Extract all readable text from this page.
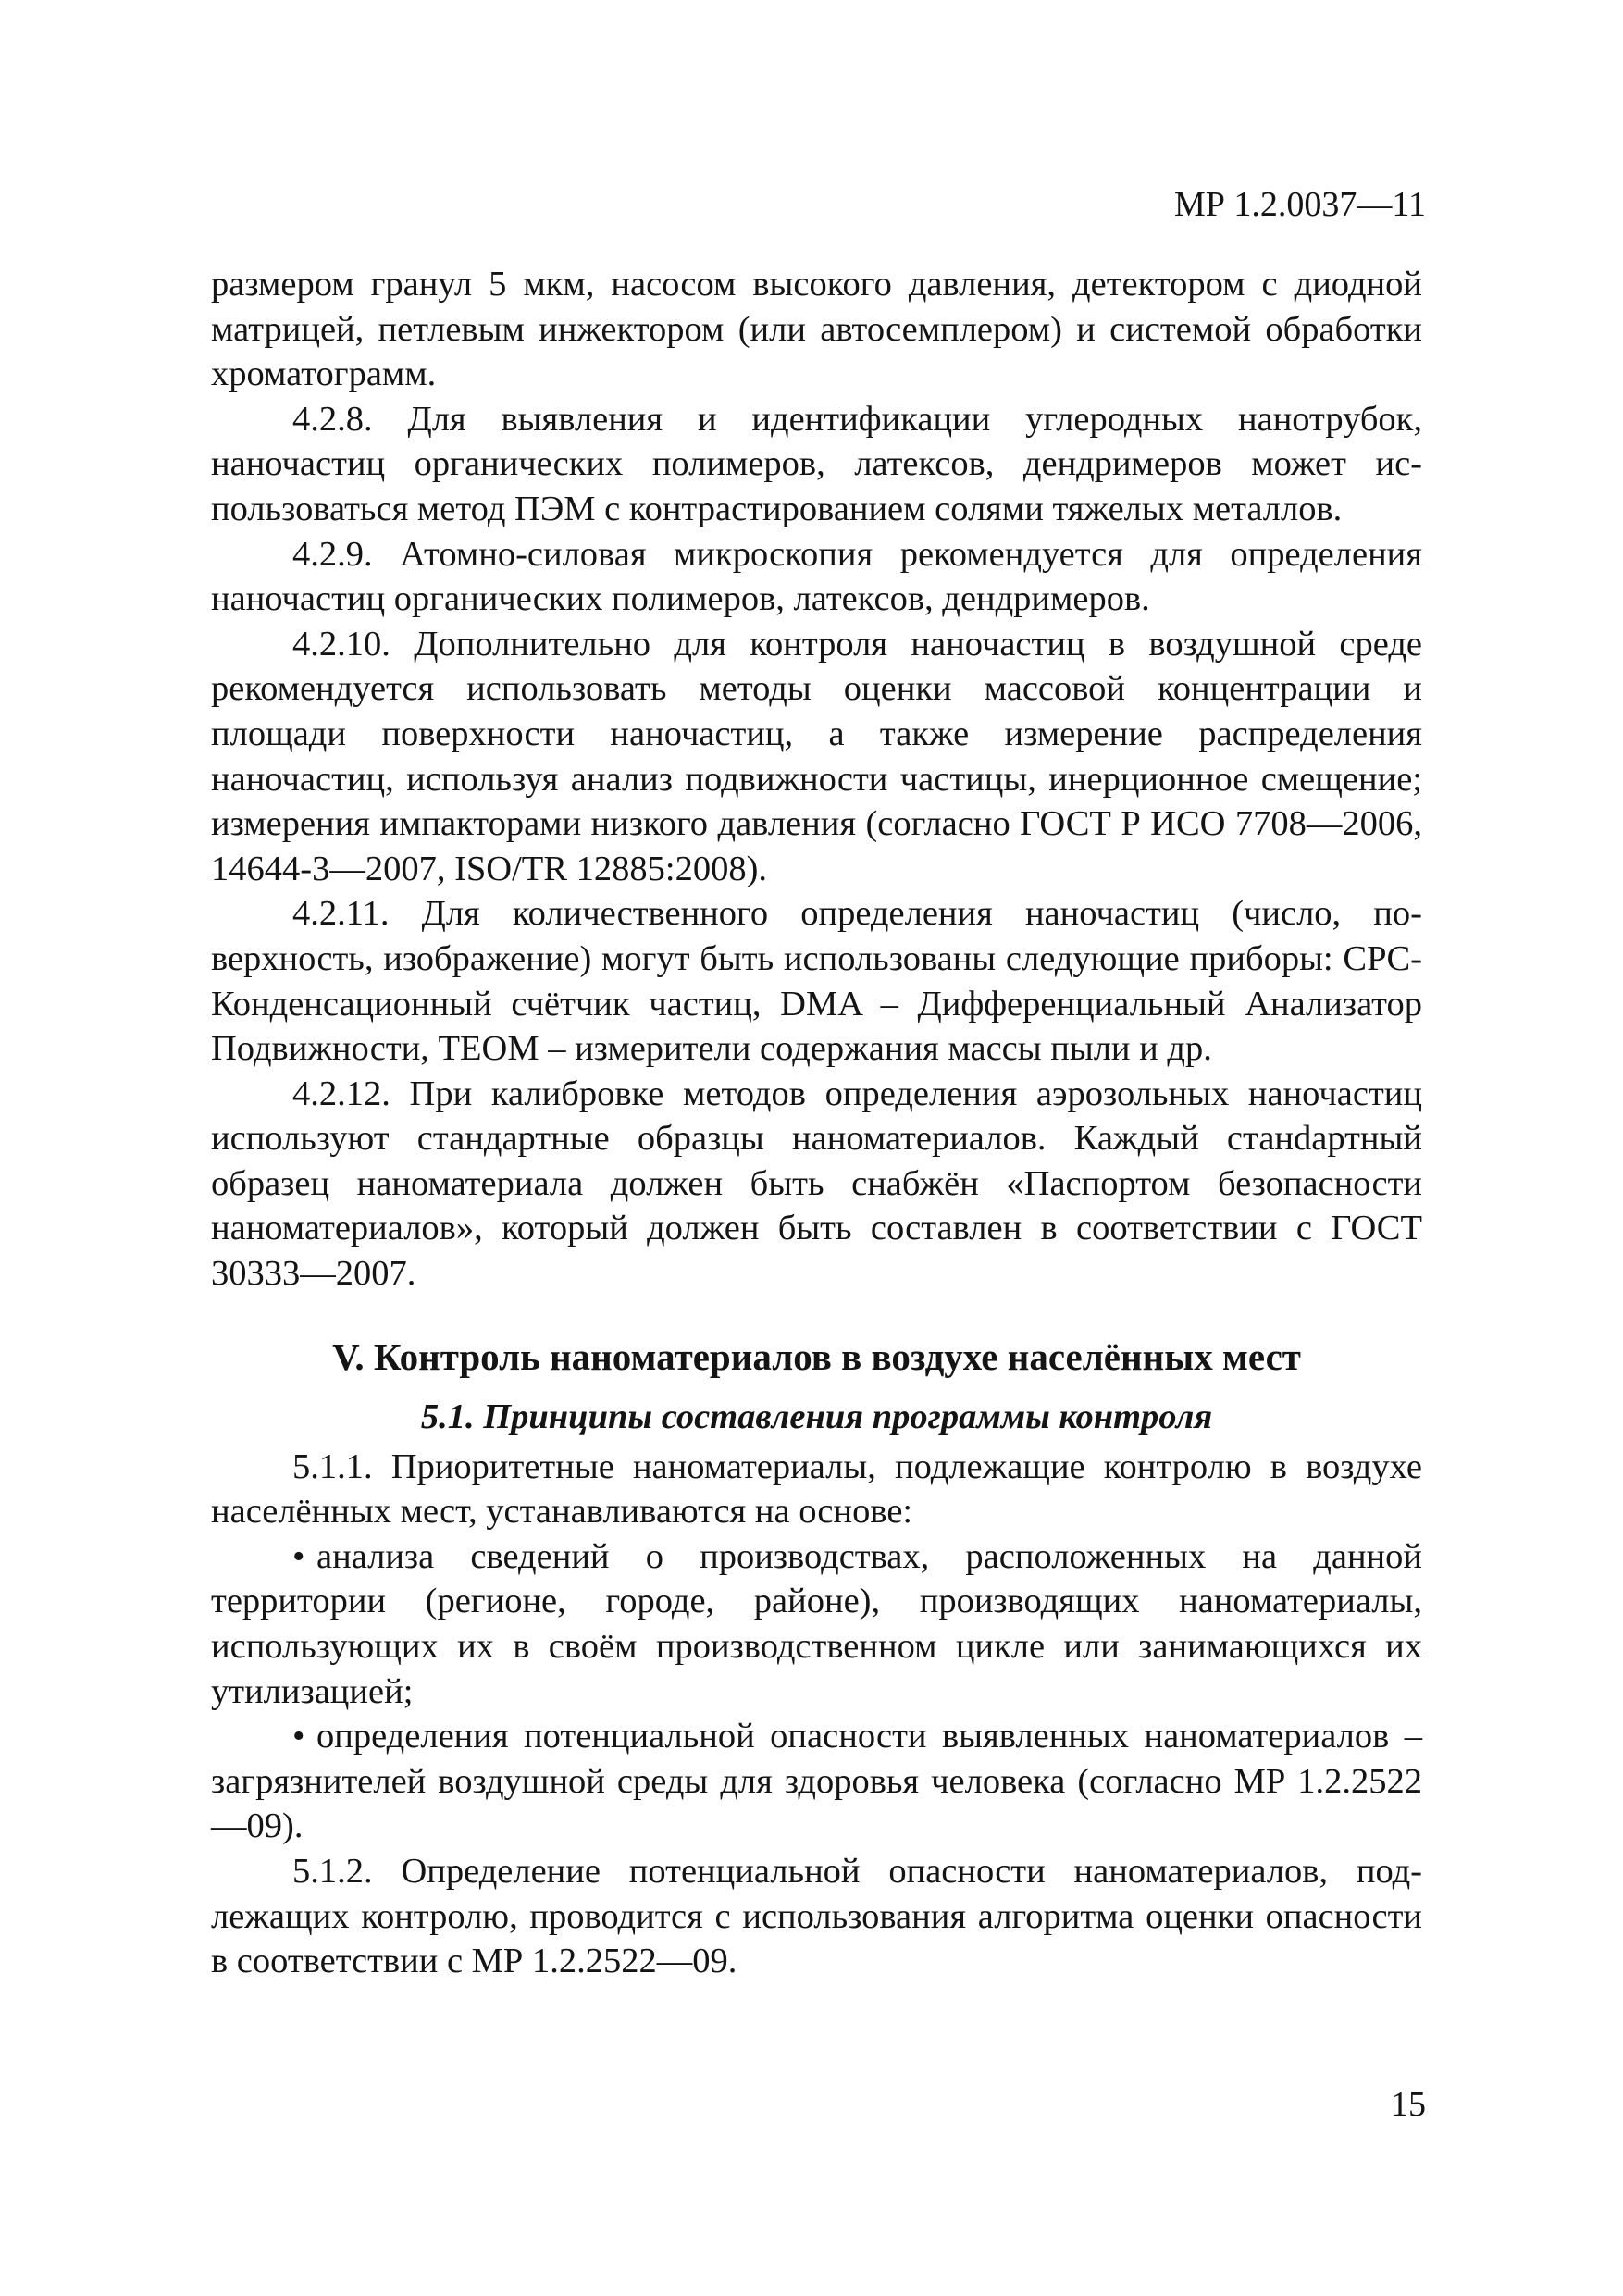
МР 1.2.0037—11

размером гранул 5 мкм, насосом высокого давления, детектором с диодной матрицей, петлевым инжектором (или автосемплером) и системой обработки хроматограмм.

4.2.8. Для выявления и идентификации углеродных нанотрубок, наночастиц органических полимеров, латексов, дендримеров может использоваться метод ПЭМ с контрастированием солями тяжелых металлов.

4.2.9. Атомно-силовая микроскопия рекомендуется для определения наночастиц органических полимеров, латексов, дендримеров.

4.2.10. Дополнительно для контроля наночастиц в воздушной среде рекомендуется использовать методы оценки массовой концентрации и площади поверхности наночастиц, а также измерение распределения наночастиц, используя анализ подвижности частицы, инерционное смещение; измерения импакторами низкого давления (согласно ГОСТ Р ИСО 7708—2006, 14644-3—2007, ISO/TR 12885:2008).

4.2.11. Для количественного определения наночастиц (число, поверхность, изображение) могут быть использованы следующие приборы: CPC-Конденсационный счётчик частиц, DMA – Дифференциальный Анализатор Подвижности, TEOM – измерители содержания массы пыли и др.

4.2.12. При калибровке методов определения аэрозольных наночастиц используют стандартные образцы наноматериалов. Каждый станdартный образец наноматериала должен быть снабжён «Паспортом безопасности наноматериалов», который должен быть составлен в соответствии с ГОСТ 30333—2007.

V. Контроль наноматериалов в воздухе населённых мест
5.1. Принципы составления программы контроля

5.1.1. Приоритетные наноматериалы, подлежащие контролю в воздухе населённых мест, устанавливаются на основе:

• анализа сведений о производствах, расположенных на данной территории (регионе, городе, районе), производящих наноматериалы, использующих их в своём производственном цикле или занимающихся их утилизацией;

• определения потенциальной опасности выявленных наноматериалов – загрязнителей воздушной среды для здоровья человека (согласно МР 1.2.2522—09).

5.1.2. Определение потенциальной опасности наноматериалов, подлежащих контролю, проводится с использования алгоритма оценки опасности в соответствии с МР 1.2.2522—09.

15
